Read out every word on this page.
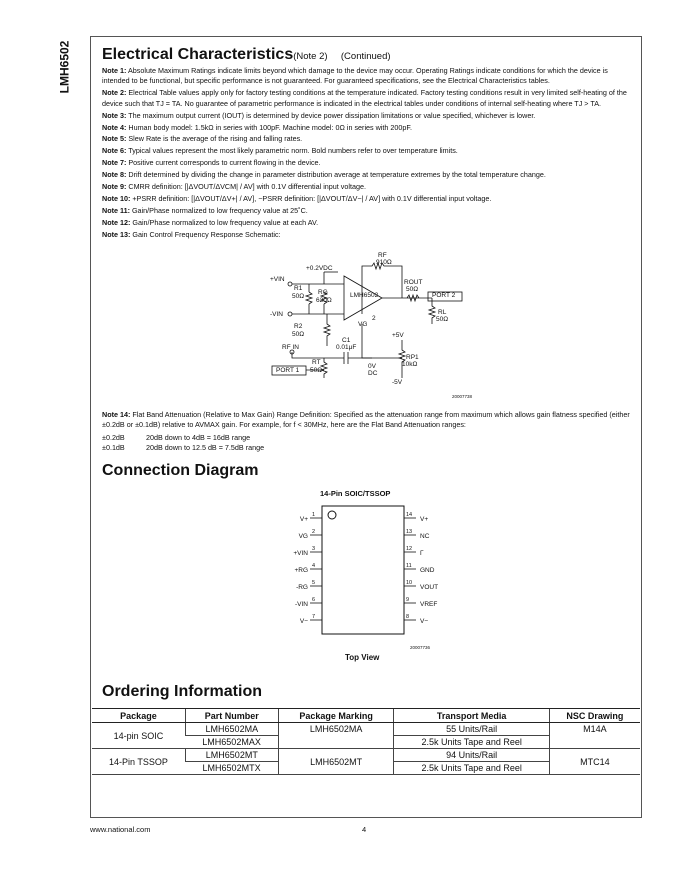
LMH6502 Electrical Characteristics(Note 2) (Continued)

Note 1: Absolute Maximum Ratings indicate limits beyond which damage to the device may occur. Operating Ratings indicate conditions for which the device is intended to be functional, but specific performance is not guaranteed. For guaranteed specifications, see the Electrical Characteristics tables.

Note 2: Electrical Table values apply only for factory testing conditions at the temperature indicated. Factory testing conditions result in very limited self-heating of the device such that TJ = TA. No guarantee of parametric performance is indicated in the electrical tables under conditions of internal self-heating where TJ > TA.

Note 3: The maximum output current (IOUT) is determined by device power dissipation limitations or value specified, whichever is lower.

Note 4: Human body model: 1.5kΩ in series with 100pF. Machine model: 0Ω in series with 200pF.

Note 5: Slew Rate is the average of the rising and falling rates.

Note 6: Typical values represent the most likely parametric norm. Bold numbers refer to over temperature limits.

Note 7: Positive current corresponds to current flowing in the device.

Note 8: Drift determined by dividing the change in parameter distribution average at temperature extremes by the total temperature change.

Note 9: CMRR definition: [|ΔVOUT/ΔVCM| / AV] with 0.1V differential input voltage.

Note 10: +PSRR definition: [|ΔVOUT/ΔV+| / AV], −PSRR definition: [|ΔVOUT/ΔV−| / AV] with 0.1V differential input voltage.

Note 11: Gain/Phase normalized to low frequency value at 25˚C.

Note 12: Gain/Phase normalized to low frequency value at each AV.

Note 13: Gain Control Frequency Response Schematic:

+0.2VDC
+VIN
R1
50Ω
RG
620Ω
LMH6502
RF
910Ω
ROUT
50Ω
RL
50Ω
2
VG
-VIN
R2
50Ω
C1
0.01μF
RF IN
+5V
RP1
10kΩ
-5V
0V
DC
RT
50Ω
PORT 1
PORT 2
20007738

Note 14: Flat Band Attenuation (Relative to Max Gain) Range Definition: Specified as the attenuation range from maximum which allows gain flatness specified (either ±0.2dB or ±0.1dB) relative to AVMAX gain. For example, for f < 30MHz, here are the Flat Band Attenuation ranges:

±0.2dB	20dB down to 4dB = 16dB range
±0.1dB	20dB down to 12.5 dB = 7.5dB range
Connection Diagram
14-Pin SOIC/TSSOP
1
V+
2
VG
3
+VIN
4
+RG
5
-RG
6
-VIN
7
V−
14
V+
13
NC
12
Γ
11
GND
10
VOUT
9
VREF
8
V−
20007736
Top View
Ordering Information
Package	Part Number	Package Marking	Transport Media	NSC Drawing
14-pin SOIC	LMH6502MA	LMH6502MA	55 Units/Rail	M14A
	LMH6502MAX		2.5k Units Tape and Reel	
14-Pin TSSOP	LMH6502MT	LMH6502MT	94 Units/Rail	MTC14
	LMH6502MTX		2.5k Units Tape and Reel	
www.national.com	4
